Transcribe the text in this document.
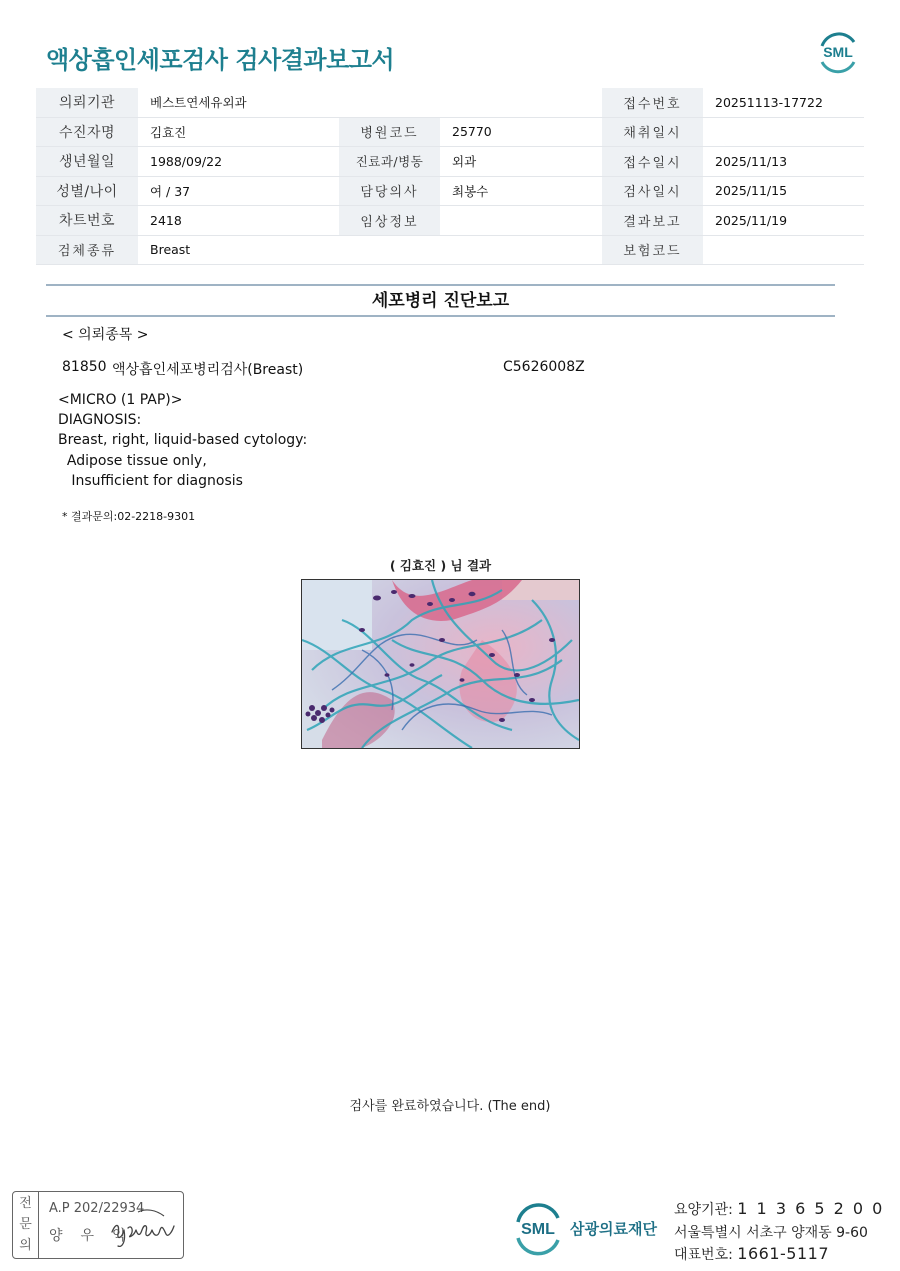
액상흡인세포검사 검사결과보고서	SML
의뢰기관	베스트연세유외과			접수번호	20251113-17722
수진자명	김효진	병원코드	25770	채취일시	
생년월일	1988/09/22	진료과/병동	외과	접수일시	2025/11/13
성별/나이	여 / 37	담당의사	최봉수	검사일시	2025/11/15
차트번호	2418	임상정보		결과보고	2025/11/19
검체종류	Breast			보험코드	
세포병리 진단보고
< 의뢰종목 >
81850 액상흡인세포병리검사(Breast)	C5626008Z
<MICRO (1 PAP)>
DIAGNOSIS:
Breast, right, liquid-based cytology:
Adipose tissue only,
Insufficient for diagnosis
* 결과문의:02-2218-9301
( 김효진 ) 님 결과
검사를 완료하였습니다. (The end)
전
문
의
A.P 202/22934
양우익	SML 삼광의료재단
요양기관: 1 1 3 6 5 2 0 0
서울특별시 서초구 양재동 9-60
대표번호: 1661-5117
